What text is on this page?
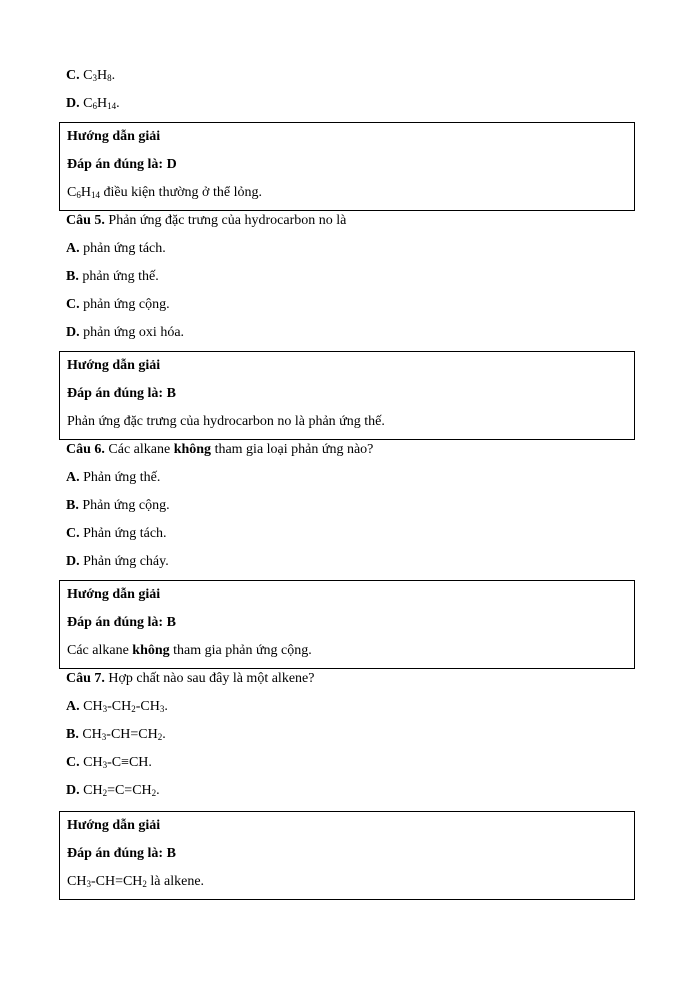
C. $C_3H_8$.
D. $C_6H_{14}$.
Hướng dẫn giải
Đáp án đúng là: D
$C_6H_{14}$ điều kiện thường ở thể lỏng.
Câu 5. Phản ứng đặc trưng của hydrocarbon no là
A. phản ứng tách.
B. phản ứng thế.
C. phản ứng cộng.
D. phản ứng oxi hóa.
Hướng dẫn giải
Đáp án đúng là: B
Phản ứng đặc trưng của hydrocarbon no là phản ứng thế.
Câu 6. Các alkane không tham gia loại phản ứng nào?
A. Phản ứng thế.
B. Phản ứng cộng.
C. Phản ứng tách.
D. Phản ứng cháy.
Hướng dẫn giải
Đáp án đúng là: B
Các alkane không tham gia phản ứng cộng.
Câu 7. Hợp chất nào sau đây là một alkene?
A. $CH_3-CH_2-CH_3$.
B. $CH_3-CH=CH_2$.
C. $CH_3-C\equiv CH$.
D. $CH_2=C=CH_2$.
Hướng dẫn giải
Đáp án đúng là: B
$CH_3-CH=CH_2$ là alkene.
